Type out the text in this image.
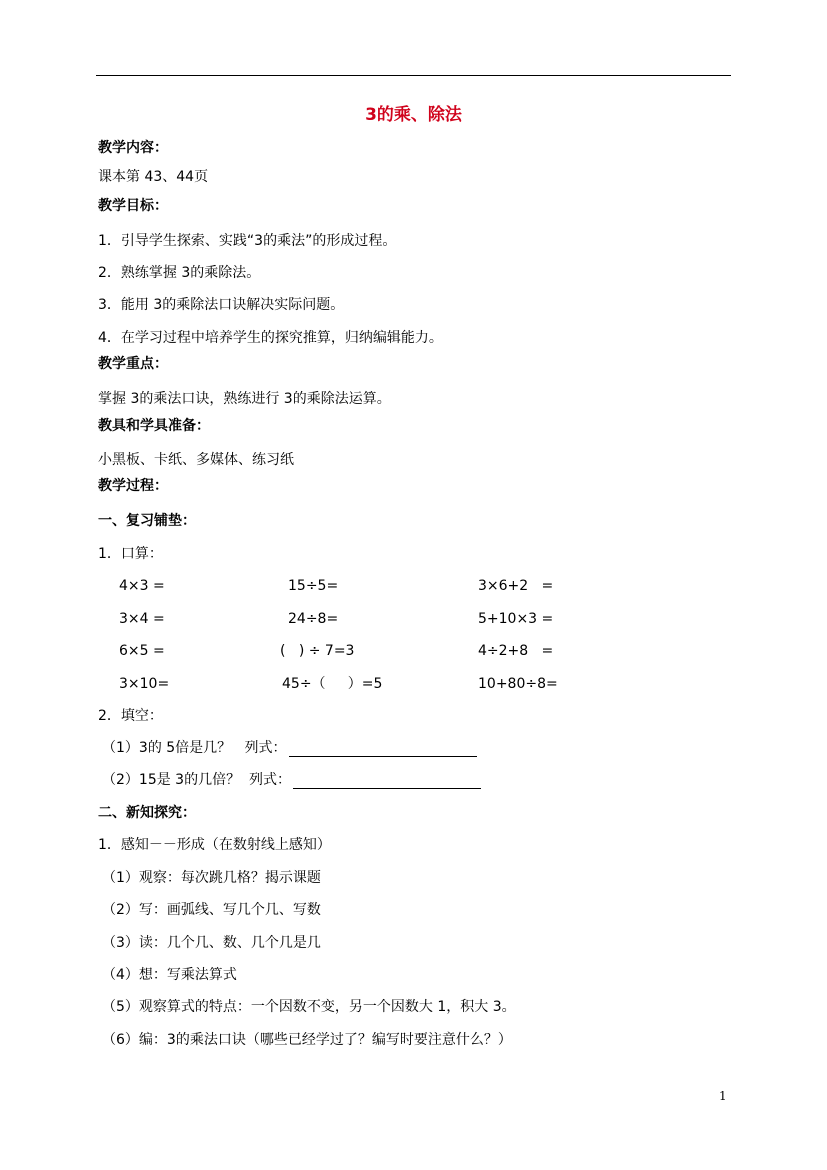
3的乘、除法
教学内容：
课本第 43、44页
教学目标：
1．引导学生探索、实践“3的乘法”的形成过程。
2．熟练掌握 3的乘除法。
3．能用 3的乘除法口诀解决实际问题。
4．在学习过程中培养学生的探究推算，归纳编辑能力。
教学重点：
掌握 3的乘法口诀，熟练进行 3的乘除法运算。
教具和学具准备：
小黑板、卡纸、多媒体、练习纸
教学过程：
一、复习铺垫：
1．口算：
4×3 =	15÷5=	3×6+2   =
3×4 =	24÷8=	5+10×3 =
6×5 =	(   ) ÷ 7=3	4÷2+8   =
3×10=	45÷（     ）=5	10+80÷8=
2．填空：
（1）3的 5倍是几？   列式：
（2）15是 3的几倍？  列式：
二、新知探究：
1．感知－－形成（在数射线上感知）
（1）观察：每次跳几格？揭示课题
（2）写：画弧线、写几个几、写数
（3）读：几个几、数、几个几是几
（4）想：写乘法算式
（5）观察算式的特点：一个因数不变，另一个因数大 1，积大 3。
（6）编：3的乘法口诀（哪些已经学过了？编写时要注意什么？）
1
